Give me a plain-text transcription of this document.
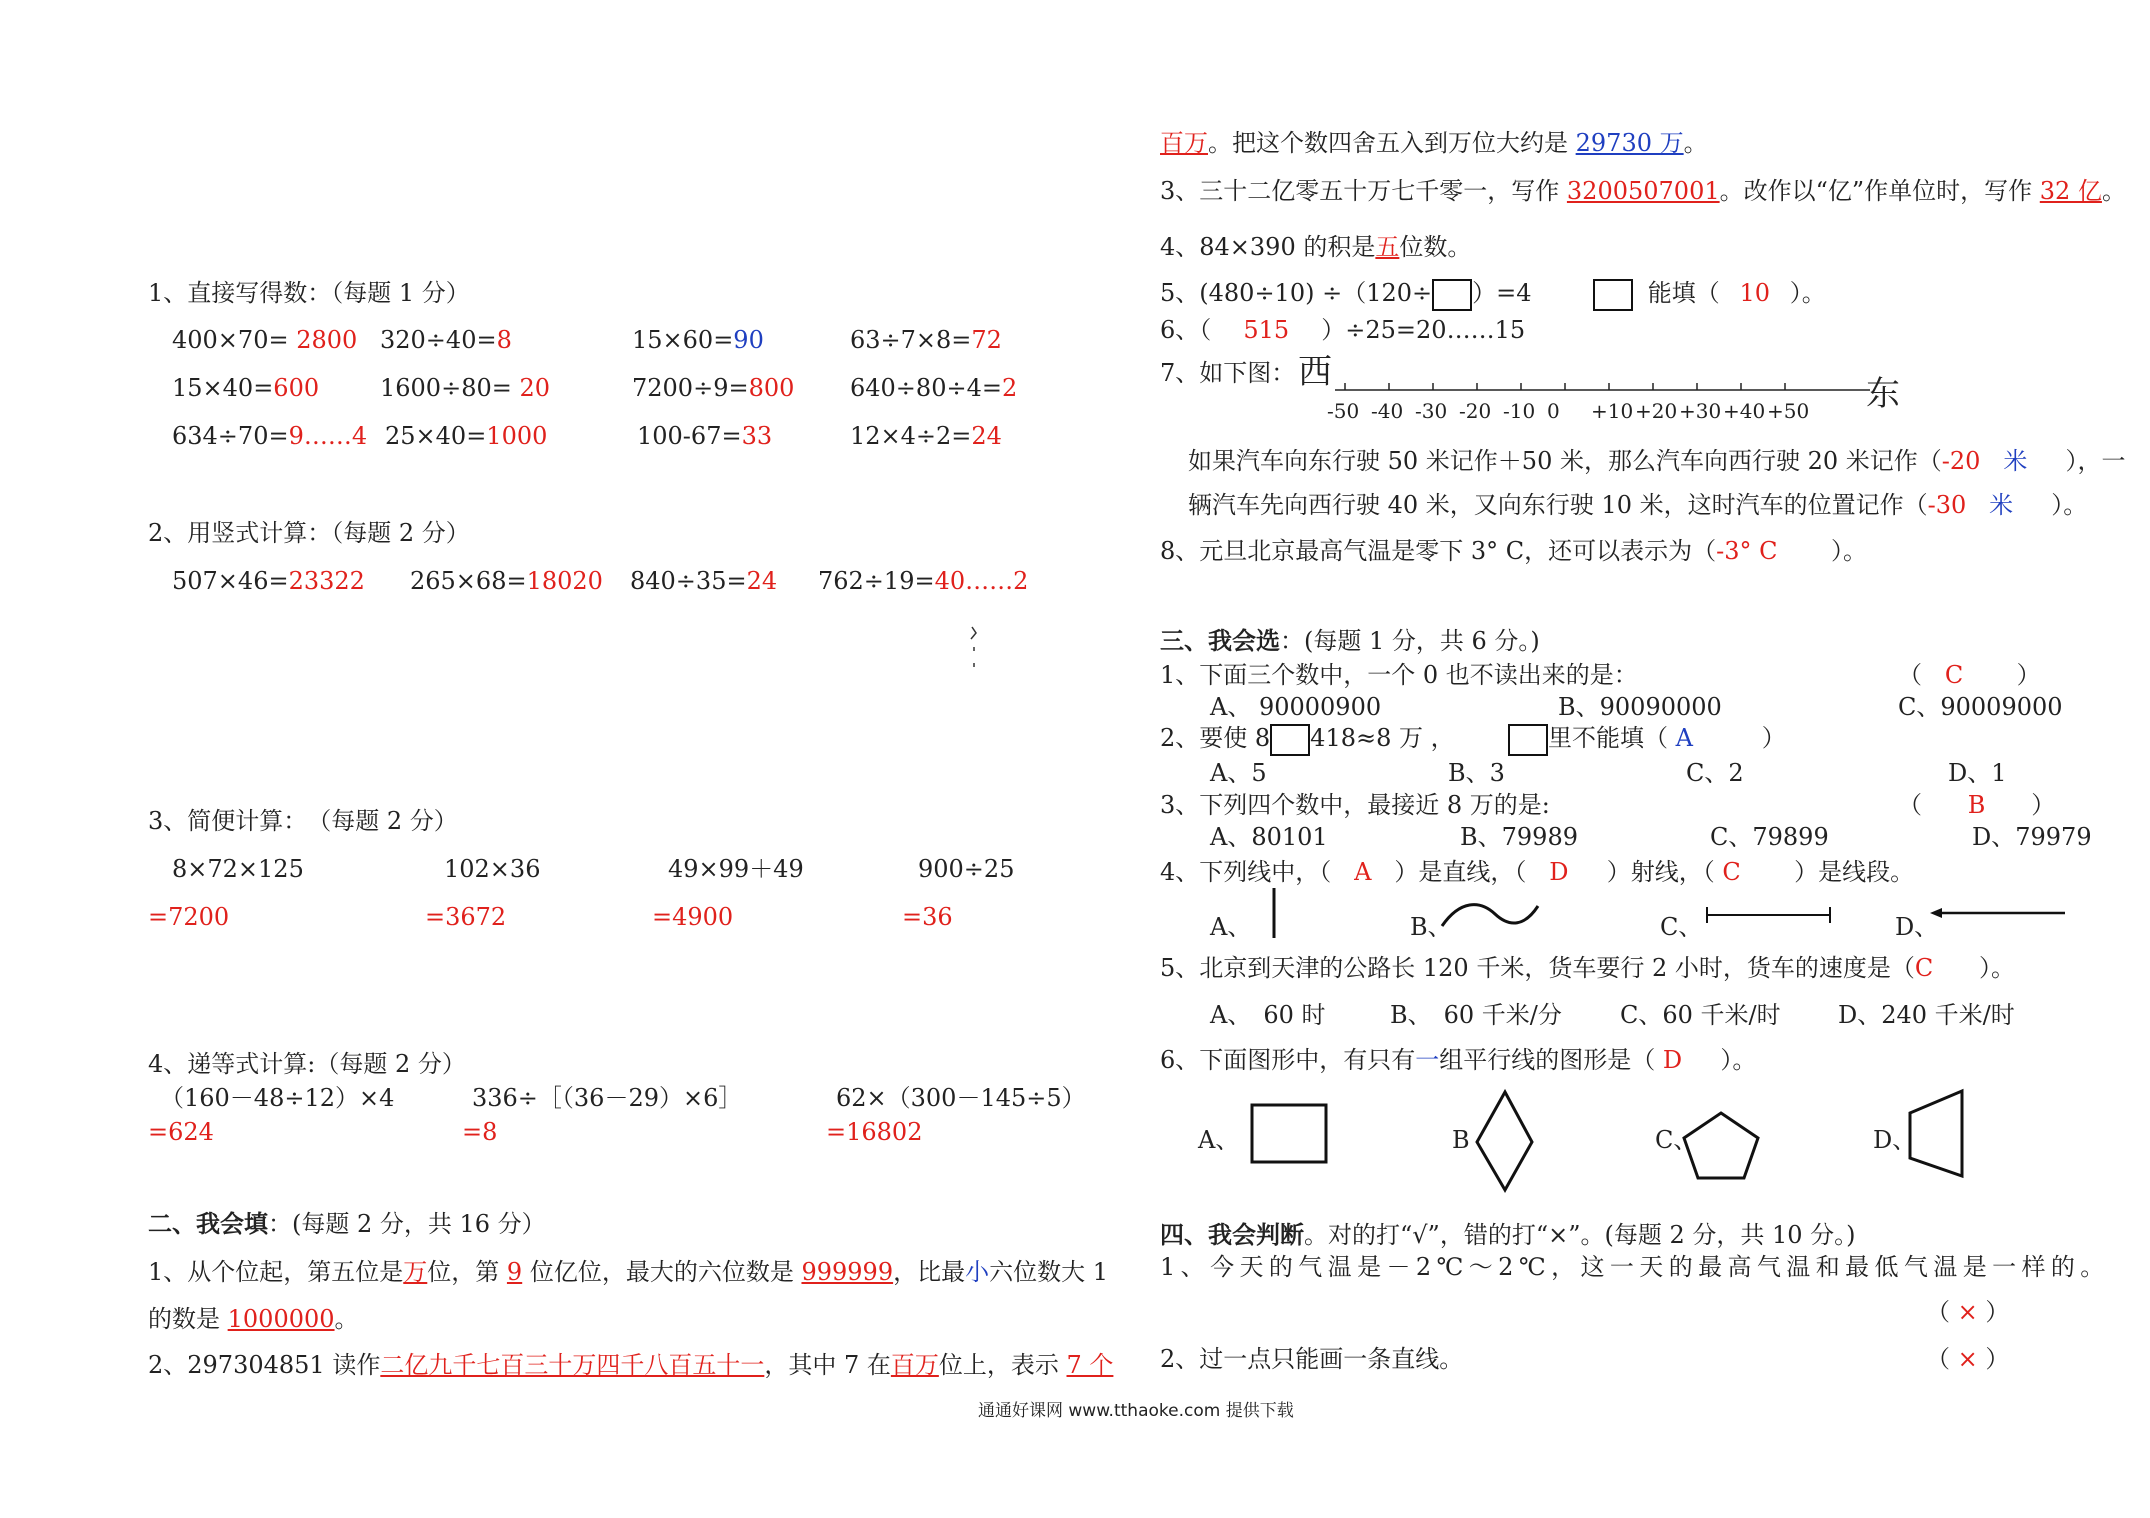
1、直接写得数：（每题 1 分）
400×70= 2800 320÷40=8	15×60=90	63÷7×8=72
15×40=600	1600÷80= 20	7200÷9=800 640÷80÷4=2
634÷70=9……4 25×40=1000	100-67=33	12×4÷2=24
2、用竖式计算：（每题 2 分）
507×46=23322 265×68=18020 840÷35=24 762÷19=40……2
3、简便计算：　（每题 2 分）
8×72×125	102×36	49×99＋49	900÷25
=7200	=3672	=4900	=36
4、递等式计算:（每题 2 分）
（160－48÷12）×4	336÷［（36－29）×6］	62×（300－145÷5）
=624	=8	=16802
二、我会填：(每题 2 分，共 16 分）
1、从个位起，第五位是万位，第 9 位亿位，最大的六位数是 999999，比最小六位数大 1
的数是 1000000。
2、297304851 读作二亿九千七百三十万四千八百五十一，其中 7 在百万位上，表示 7 个
百万。把这个数四舍五入到万位大约是 29730 万。
3、三十二亿零五十万七千零一，写作 3200507001。改作以“亿”作单位时，写作 32 亿。
4、84×390 的积是五位数。
5、(480÷10) ÷（120÷ ）=4	能填（ 10 ）。
6、（ 515 ）÷25=20……15
7、如下图： 西
东
-50 -40 -30 -20 -10 0 +10 +20 +30 +40 +50
如果汽车向东行驶 50 米记作＋50 米，那么汽车向西行驶 20 米记作（-20 米 ），一
辆汽车先向西行驶 40 米，又向东行驶 10 米，这时汽车的位置记作（-30 米 ）。
8、元旦北京最高气温是零下 3° C，还可以表示为（-3° C ）。
三、我会选：(每题 1 分，共 6 分。)
1、下面三个数中，一个 0 也不读出来的是：	（   C       ）
A、 90000900	B、90090000	C、90009000
2、要使 8 418≈8 万 ，	里不能填（ A	）
A、5	B、3	C、2	D、1
3、下列四个数中，最接近 8 万的是:	（      B      ）
A、80101	B、79989	C、79899	D、79979
4、下列线中，（ A ）是直线，（ D ）射线，（ C ）是线段。
A、	B、	C、	D、
5、北京到天津的公路长 120 千米，货车要行 2 小时，货车的速度是（C ）。
A、　60 时	B、　60 千米/分 C、60 千米/时 D、240 千米/时
6、下面图形中，有只有一组平行线的图形是（ D ）。
A、	B	C、	D、
四、我会判断。对的打“√”，错的打“×”。(每题 2 分，共 10 分。)
1、今天的气温是－2℃～2℃，这一天的最高气温和最低气温是一样的。
（ × ）
2、过一点只能画一条直线。	（ × ）
通通好课网 www.tthaoke.com 提供下载
